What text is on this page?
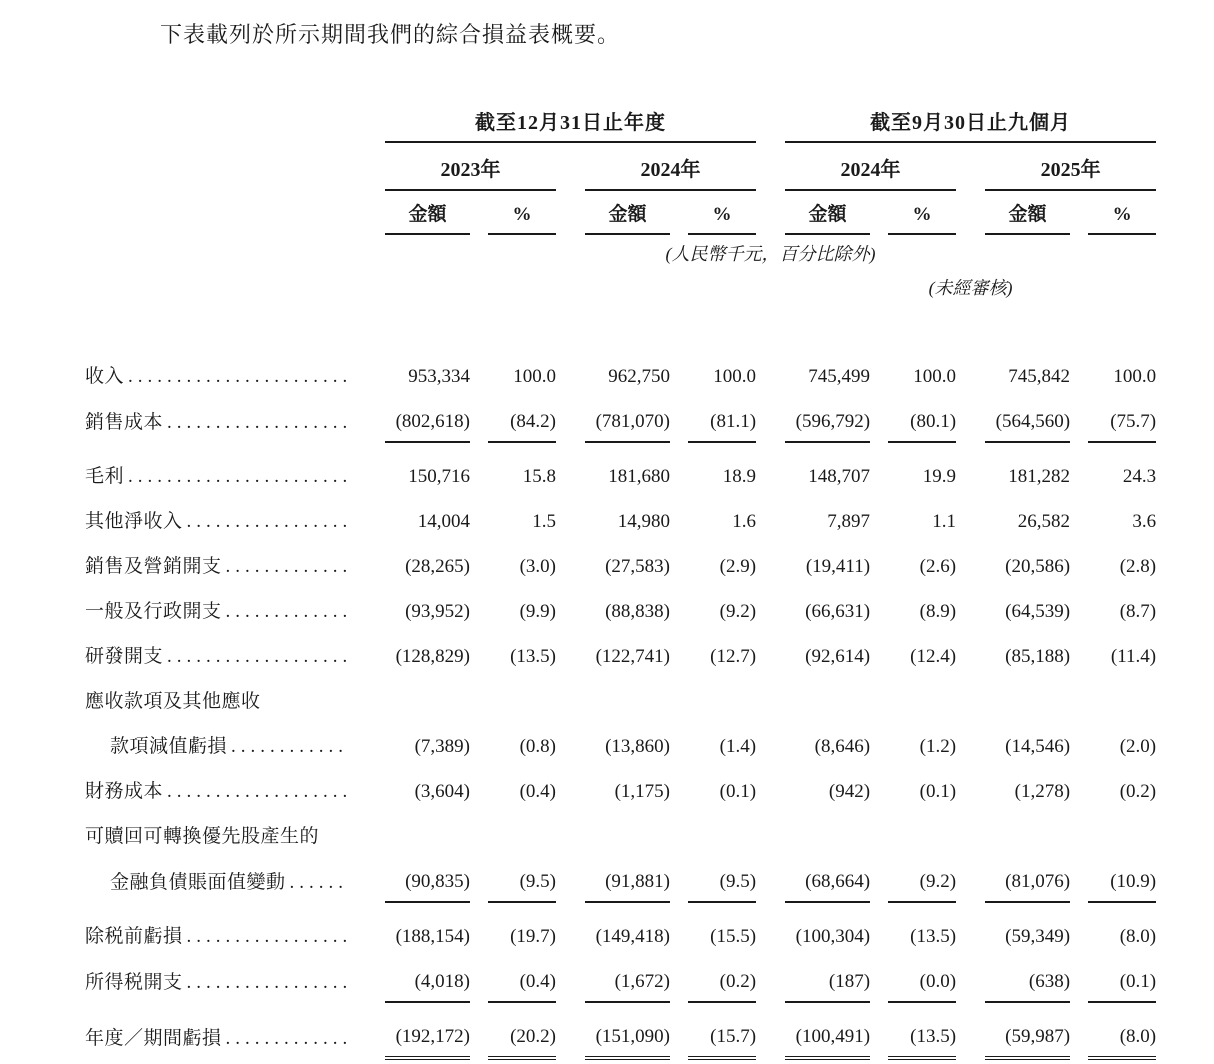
下表載列於所示期間我們的綜合損益表概要。

	截至12月31日止年度								截至9月30日止九個月						
	2023年				2024年				2024年				2025年		
	金額		%		金額		%		金額		%		金額		%
	(人民幣千元，百分比除外)														
									(未經審核)						

收入
.....	953,334		100.0		962,750		100.0		745,499		100.0		745,842		100.0

銷售成本
.....	(802,618)		(84.2)		(781,070)		(81.1)		(596,792)		(80.1)		(564,560)		(75.7)

毛利
.....	150,716		15.8		181,680		18.9		148,707		19.9		181,282		24.3

其他淨收入
.....	14,004		1.5		14,980		1.6		7,897		1.1		26,582		3.6

銷售及營銷開支
.....	(28,265)		(3.0)		(27,583)		(2.9)		(19,411)		(2.6)		(20,586)		(2.8)

一般及行政開支
.....	(93,952)		(9.9)		(88,838)		(9.2)		(66,631)		(8.9)		(64,539)		(8.7)

研發開支
.....	(128,829)		(13.5)		(122,741)		(12.7)		(92,614)		(12.4)		(85,188)		(11.4)

應收款項及其他應收															

款項減值虧損
.....	(7,389)		(0.8)		(13,860)		(1.4)		(8,646)		(1.2)		(14,546)		(2.0)

財務成本
.....	(3,604)		(0.4)		(1,175)		(0.1)		(942)		(0.1)		(1,278)		(0.2)

可贖回可轉換優先股產生的															

金融負債賬面值變動
.....	(90,835)		(9.5)		(91,881)		(9.5)		(68,664)		(9.2)		(81,076)		(10.9)

除税前虧損
.....	(188,154)		(19.7)		(149,418)		(15.5)		(100,304)		(13.5)		(59,349)		(8.0)

所得税開支
.....	(4,018)		(0.4)		(1,672)		(0.2)		(187)		(0.0)		(638)		(0.1)

年度／期間虧損
.....	(192,172)		(20.2)		(151,090)		(15.7)		(100,491)		(13.5)		(59,987)		(8.0)
